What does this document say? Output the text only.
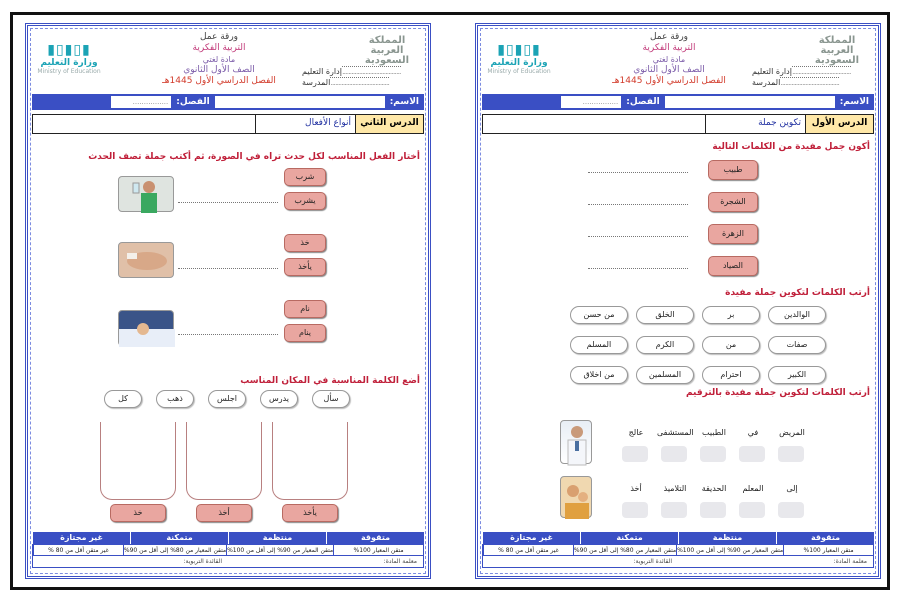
المملكة العربية السعودية
إدارة التعليم ......................................
المدرسة ......................................
ورقة عمل
التربية الفكرية
مادة لغتي
الصف الأول الثانوي
الفصل الدراسي الأول 1445هـ
▮▯▮▯▮
وزارة التعليم
Ministry of Education
الاسم:
الفصل:
................
الدرس الأول
تكوين جملة
أكون جمل مفيدة من الكلمات التالية
طبيب
الشجرة
الزهرة
الصياد
أرتب الكلمات لتكوين جملة مفيدة
الوالدين
بر
الخلق
من حسن
صفات
من
الكرم
المسلم
الكبير
احترام
المسلمين
من اخلاق
أرتب الكلمات لتكوين جملة مفيدة بالترقيم
المريض
في
الطبيب
المستشفى
عالج
إلى
المعلم
الحديقة
التلاميذ
أخذ
متقوقة
منتظمة
متمكنة
غير مجتازة
متقن المعيار 100%
متقن المعيار من 90% إلى أقل من 100%
متقن المعيار من 80% إلى أقل من 90%
غير متقن أقل من 80 %
معلمة المادة:
القائدة التربوية:
المملكة العربية السعودية
إدارة التعليم ......................................
المدرسة ......................................
ورقة عمل
التربية الفكرية
مادة لغتي
الصف الأول الثانوي
الفصل الدراسي الأول 1445هـ
▮▯▮▯▮
وزارة التعليم
Ministry of Education
الاسم:
الفصل:
................
الدرس الثاني
أنواع الأفعال
أختار الفعل المناسب لكل حدث تراه في الصورة، ثم أكتب جملة تصف الحدث
شرب
يشرب
خذ
يأخذ
نام
ينام
أضع الكلمة المناسبة في المكان المناسب
سأل
يدرس
اجلس
ذهب
كل
يأخذ
أخذ
خذ
متقوقة
منتظمة
متمكنة
غير مجتازة
متقن المعيار 100%
متقن المعيار من 90% إلى أقل من 100%
متقن المعيار من 80% إلى أقل من 90%
غير متقن أقل من 80 %
معلمة المادة:
القائدة التربوية:
